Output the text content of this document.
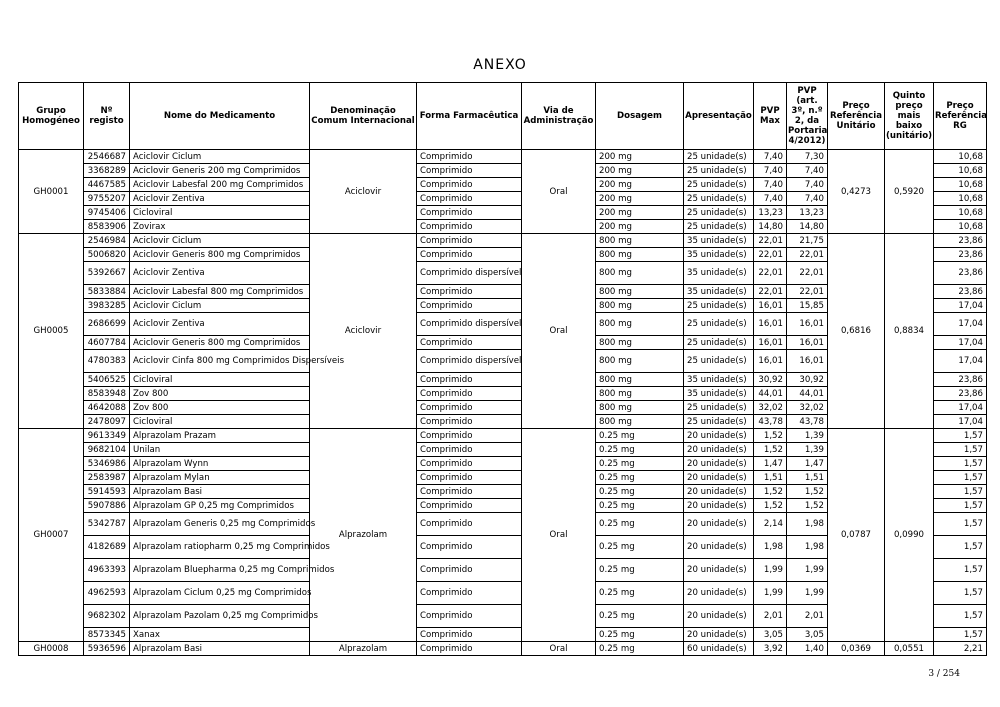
ANEXO
Grupo Homogéneo	Nº registo	Nome do Medicamento	Denominação Comum Internacional	Forma Farmacêutica	Via de Administração	Dosagem	Apresentação	PVP Max	PVP (art. 3º, n.º 2, da Portaria 4/2012)	Preço Referência Unitário	Quinto preço mais baixo (unitário)	Preço Referência RG
GH0001	2546687	Aciclovir Ciclum	Aciclovir	Comprimido	Oral	200 mg	25 unidade(s)	7,40	7,30	0,4273	0,5920	10,68
	3368289	Aciclovir Generis 200 mg Comprimidos		Comprimido		200 mg	25 unidade(s)	7,40	7,40			10,68
	4467585	Aciclovir Labesfal 200 mg Comprimidos		Comprimido		200 mg	25 unidade(s)	7,40	7,40			10,68
	9755207	Aciclovir Zentiva		Comprimido		200 mg	25 unidade(s)	7,40	7,40			10,68
	9745406	Cicloviral		Comprimido		200 mg	25 unidade(s)	13,23	13,23			10,68
	8583906	Zovirax		Comprimido		200 mg	25 unidade(s)	14,80	14,80			10,68
GH0005	2546984	Aciclovir Ciclum	Aciclovir	Comprimido	Oral	800 mg	35 unidade(s)	22,01	21,75	0,6816	0,8834	23,86
	5006820	Aciclovir Generis 800 mg Comprimidos		Comprimido		800 mg	35 unidade(s)	22,01	22,01			23,86
	5392667	Aciclovir Zentiva		Comprimido dispersível		800 mg	35 unidade(s)	22,01	22,01			23,86
	5833884	Aciclovir Labesfal 800 mg Comprimidos		Comprimido		800 mg	35 unidade(s)	22,01	22,01			23,86
	3983285	Aciclovir Ciclum		Comprimido		800 mg	25 unidade(s)	16,01	15,85			17,04
	2686699	Aciclovir Zentiva		Comprimido dispersível		800 mg	25 unidade(s)	16,01	16,01			17,04
	4607784	Aciclovir Generis 800 mg Comprimidos		Comprimido		800 mg	25 unidade(s)	16,01	16,01			17,04
	4780383	Aciclovir Cinfa 800 mg Comprimidos Dispersíveis		Comprimido dispersível		800 mg	25 unidade(s)	16,01	16,01			17,04
	5406525	Cicloviral		Comprimido		800 mg	35 unidade(s)	30,92	30,92			23,86
	8583948	Zov 800		Comprimido		800 mg	35 unidade(s)	44,01	44,01			23,86
	4642088	Zov 800		Comprimido		800 mg	25 unidade(s)	32,02	32,02			17,04
	2478097	Cicloviral		Comprimido		800 mg	25 unidade(s)	43,78	43,78			17,04
GH0007	9613349	Alprazolam Prazam	Alprazolam	Comprimido	Oral	0.25 mg	20 unidade(s)	1,52	1,39	0,0787	0,0990	1,57
	9682104	Unilan		Comprimido		0.25 mg	20 unidade(s)	1,52	1,39			1,57
	5346986	Alprazolam Wynn		Comprimido		0.25 mg	20 unidade(s)	1,47	1,47			1,57
	2583987	Alprazolam Mylan		Comprimido		0.25 mg	20 unidade(s)	1,51	1,51			1,57
	5914593	Alprazolam Basi		Comprimido		0.25 mg	20 unidade(s)	1,52	1,52			1,57
	5907886	Alprazolam GP 0,25 mg Comprimidos		Comprimido		0.25 mg	20 unidade(s)	1,52	1,52			1,57
	5342787	Alprazolam Generis 0,25 mg Comprimidos		Comprimido		0.25 mg	20 unidade(s)	2,14	1,98			1,57
	4182689	Alprazolam ratiopharm 0,25 mg Comprimidos		Comprimido		0.25 mg	20 unidade(s)	1,98	1,98			1,57
	4963393	Alprazolam Bluepharma 0,25 mg Comprimidos		Comprimido		0.25 mg	20 unidade(s)	1,99	1,99			1,57
	4962593	Alprazolam Ciclum 0,25 mg Comprimidos		Comprimido		0.25 mg	20 unidade(s)	1,99	1,99			1,57
	9682302	Alprazolam Pazolam 0,25 mg Comprimidos		Comprimido		0.25 mg	20 unidade(s)	2,01	2,01			1,57
	8573345	Xanax		Comprimido		0.25 mg	20 unidade(s)	3,05	3,05			1,57
GH0008	5936596	Alprazolam Basi	Alprazolam	Comprimido	Oral	0.25 mg	60 unidade(s)	3,92	1,40	0,0369	0,0551	2,21
3 / 254
